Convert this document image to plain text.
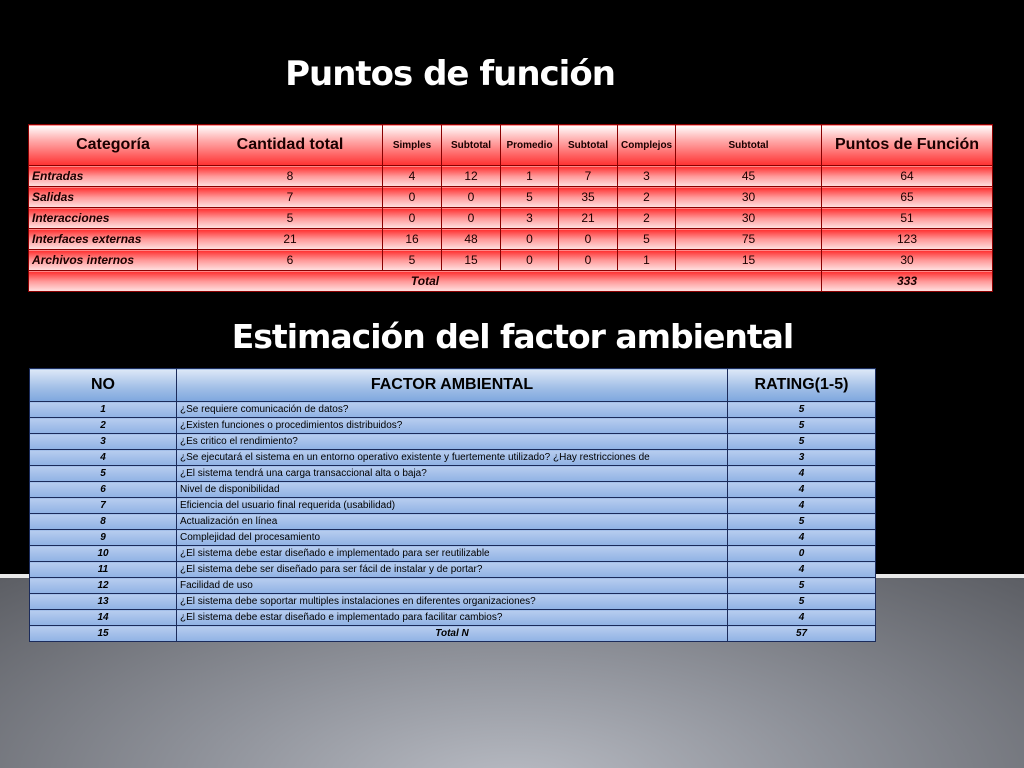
Puntos de función
Categoría	Cantidad total	Simples	Subtotal	Promedio	Subtotal	Complejos	Subtotal	Puntos de Función
Entradas	8	4	12	1	7	3	45	64
Salidas	7	0	0	5	35	2	30	65
Interacciones	5	0	0	3	21	2	30	51
Interfaces externas	21	16	48	0	0	5	75	123
Archivos internos	6	5	15	0	0	1	15	30
Total								333
Estimación del factor ambiental
NO	FACTOR AMBIENTAL	RATING(1-5)
1	¿Se requiere comunicación de datos?	5
2	¿Existen funciones o procedimientos distribuidos?	5
3	¿Es critico el rendimiento?	5
4	¿Se ejecutará el sistema en un entorno operativo existente y fuertemente utilizado? ¿Hay restricciones de	3
5	¿El sistema tendrá una carga transaccional alta o baja?	4
6	Nivel de disponibilidad	4
7	Eficiencia del usuario final requerida (usabilidad)	4
8	Actualización en línea	5
9	Complejidad del procesamiento	4
10	¿El sistema debe estar diseñado e implementado para ser reutilizable	0
11	¿El sistema debe ser diseñado para ser fácil de instalar y de portar?	4
12	Facilidad de uso	5
13	¿El sistema debe soportar multiples instalaciones en diferentes organizaciones?	5
14	¿El sistema debe estar diseñado e implementado para facilitar cambios?	4
15	Total N	57
